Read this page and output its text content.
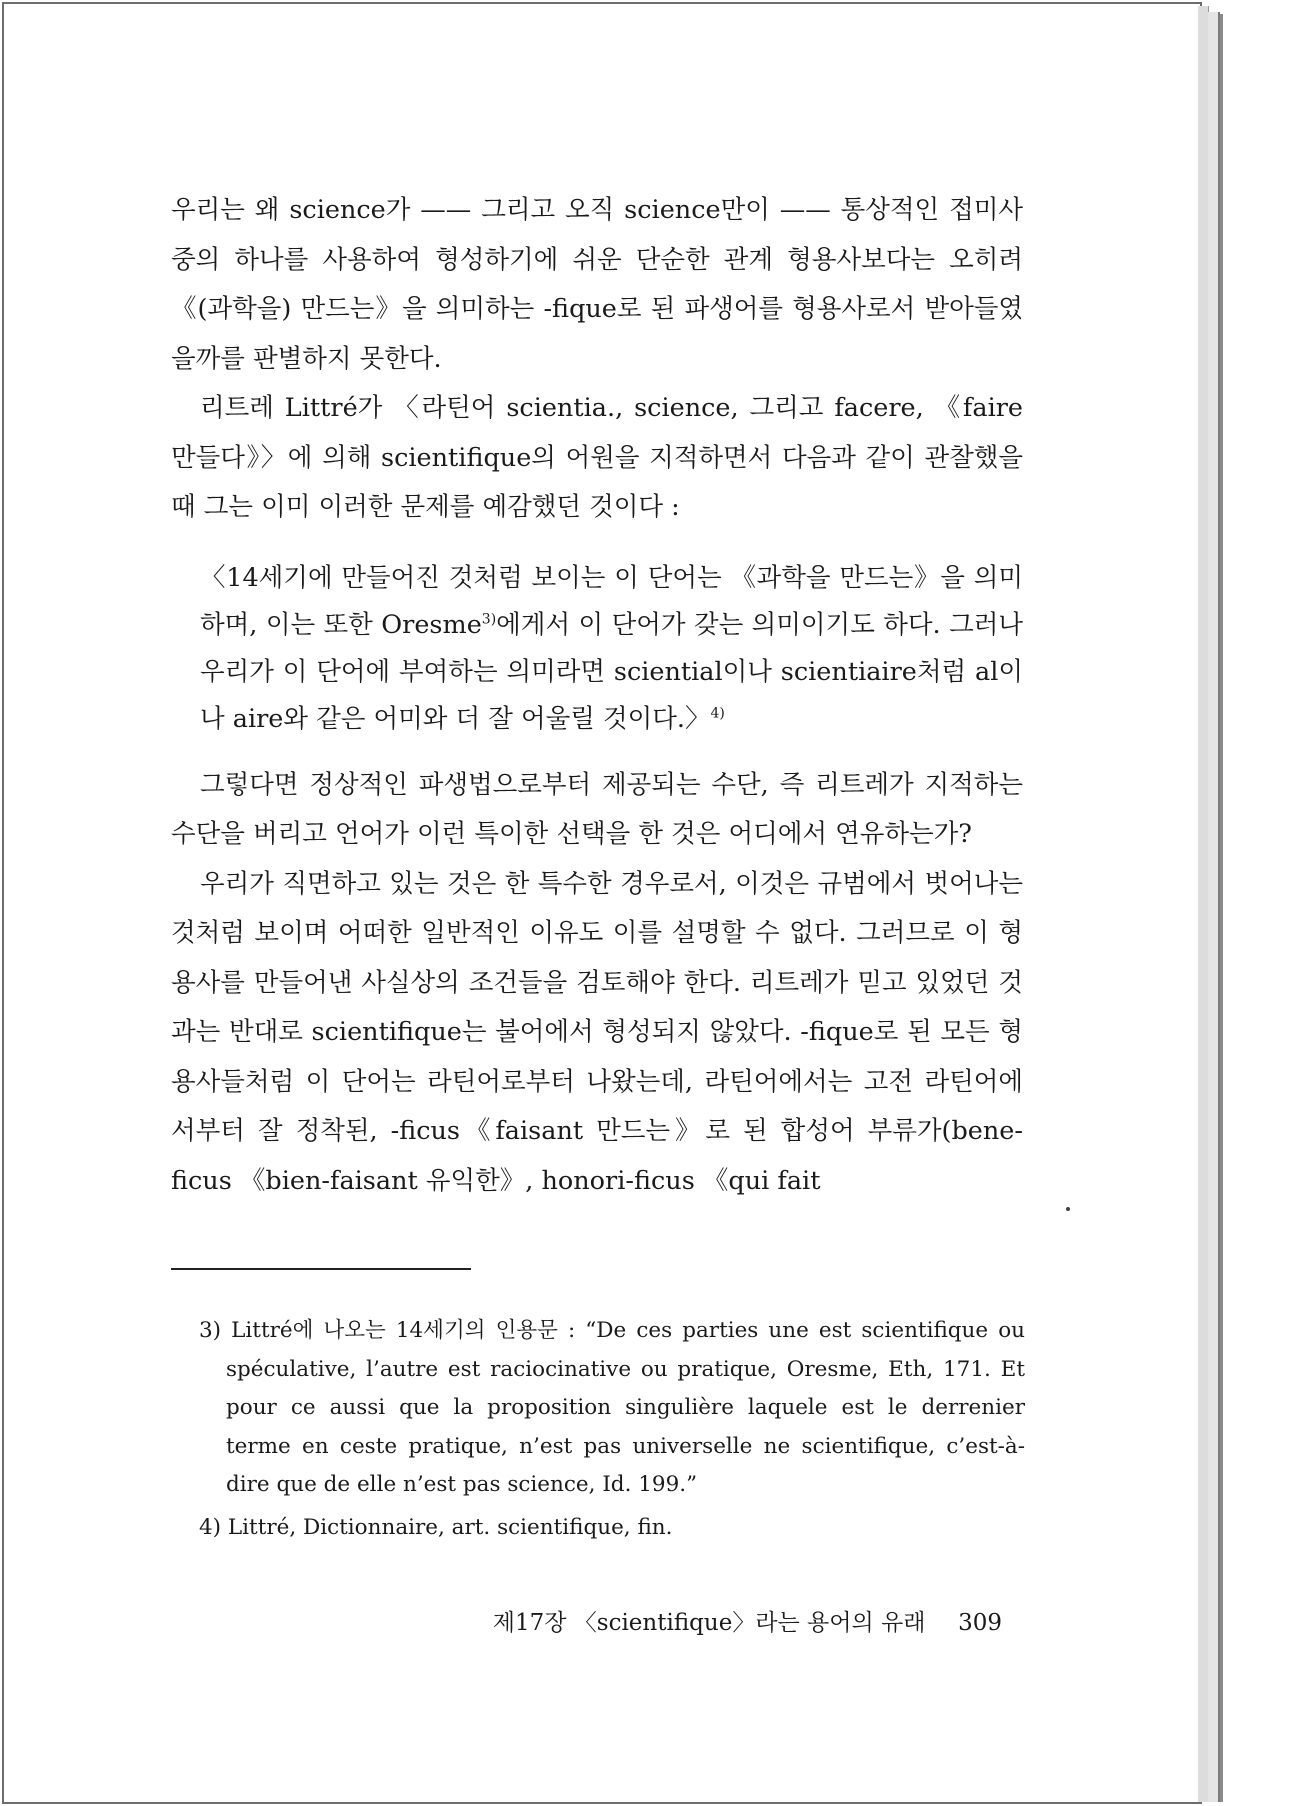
우리는 왜 science가 —— 그리고 오직 science만이 —— 통상적인 접미사 중의 하나를 사용하여 형성하기에 쉬운 단순한 관계 형용사보다는 오히려 《(과학을) 만드는》을 의미하는 -fique로 된 파생어를 형용사로서 받아들였을까를 판별하지 못한다.

리트레 Littré가 〈라틴어 scientia., science, 그리고 facere, 《faire 만들다》〉에 의해 scientifique의 어원을 지적하면서 다음과 같이 관찰했을 때 그는 이미 이러한 문제를 예감했던 것이다 :

〈14세기에 만들어진 것처럼 보이는 이 단어는 《과학을 만드는》을 의미하며, 이는 또한 Oresme$^{3)}$에게서 이 단어가 갖는 의미이기도 하다. 그러나 우리가 이 단어에 부여하는 의미라면 sciential이나 scientiaire처럼 al이나 aire와 같은 어미와 더 잘 어울릴 것이다.〉$^{4)}$

그렇다면 정상적인 파생법으로부터 제공되는 수단, 즉 리트레가 지적하는 수단을 버리고 언어가 이런 특이한 선택을 한 것은 어디에서 연유하는가?

우리가 직면하고 있는 것은 한 특수한 경우로서, 이것은 규범에서 벗어나는 것처럼 보이며 어떠한 일반적인 이유도 이를 설명할 수 없다. 그러므로 이 형용사를 만들어낸 사실상의 조건들을 검토해야 한다. 리트레가 믿고 있었던 것과는 반대로 scientifique는 불어에서 형성되지 않았다. -fique로 된 모든 형용사들처럼 이 단어는 라틴어로부터 나왔는데, 라틴어에서는 고전 라틴어에서부터 잘 정착된, -ficus《faisant 만드는》로 된 합성어 부류가(bene-ficus 《bien-faisant 유익한》, honori-ficus 《qui fait

3) Littré에 나오는 14세기의 인용문 : “De ces parties une est scientifique ou spéculative, l’autre est raciocinative ou pratique, Oresme, Eth, 171. Et pour ce aussi que la proposition singulière laquele est le derrenier terme en ceste pratique, n’est pas universelle ne scientifique, c’est-à-dire que de elle n’est pas science, Id. 199.”

4) Littré, Dictionnaire, art. scientifique, fin.

제17장 〈scientifique〉라는 용어의 유래 309
